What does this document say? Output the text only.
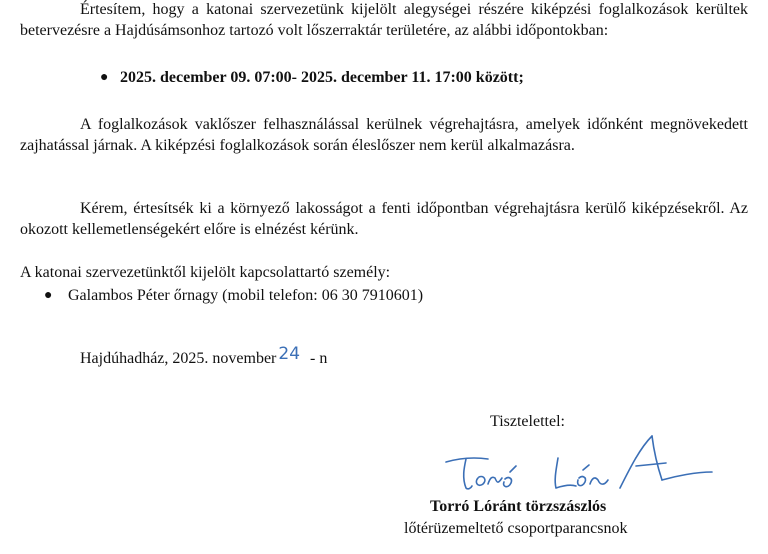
Értesítem, hogy a katonai szervezetünk kijelölt alegységei részére kiképzési foglalkozások kerültek betervezésre a Hajdúsámsonhoz tartozó volt lőszerraktár területére, az alábbi időpontokban:
● 2025. december 09. 07:00- 2025. december 11. 17:00 között;
A foglalkozások vaklőszer felhasználással kerülnek végrehajtásra, amelyek időnként megnövekedett zajhatással járnak. A kiképzési foglalkozások során éleslőszer nem kerül alkalmazásra.
Kérem, értesítsék ki a környező lakosságot a fenti időpontban végrehajtásra kerülő kiképzésekről. Az okozott kellemetlenségekért előre is elnézést kérünk.
A katonai szervezetünktől kijelölt kapcsolattartó személy:
● Galambos Péter őrnagy (mobil telefon: 06 30 7910601)
Hajdúhadház, 2025. november 24 - n
Tisztelettel:
Torró Lóránt törzszászlós
lőtérüzemeltető csoportparancsnok
